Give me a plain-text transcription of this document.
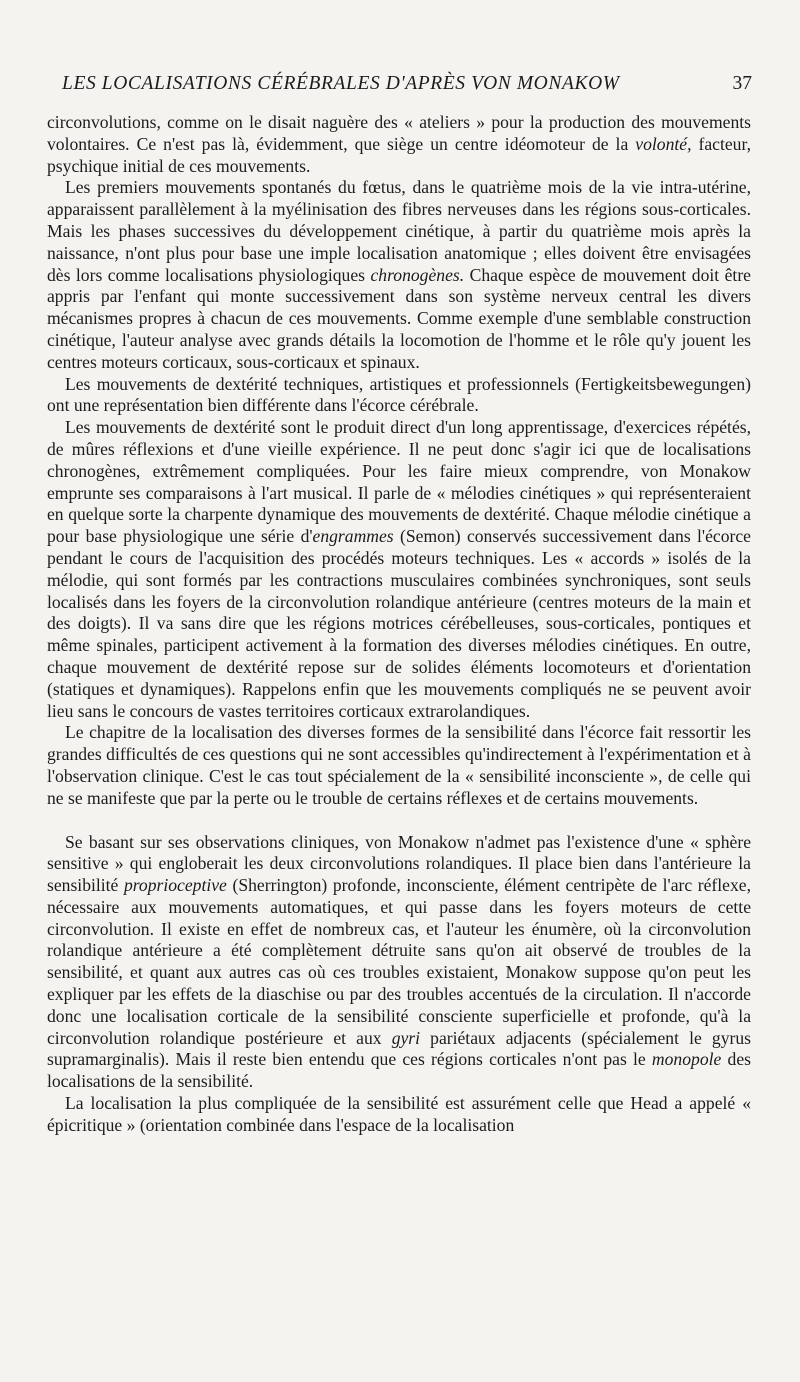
LES LOCALISATIONS CÉRÉBRALES D'APRÈS VON MONAKOW	37

circonvolutions, comme on le disait naguère des « ateliers » pour la production des mouvements volontaires. Ce n'est pas là, évidemment, que siège un centre idéomoteur de la volonté, facteur, psychique initial de ces mouvements.

Les premiers mouvements spontanés du fœtus, dans le quatrième mois de la vie intra-utérine, apparaissent parallèlement à la myélinisation des fibres nerveuses dans les régions sous-corticales. Mais les phases successives du développement cinétique, à partir du quatrième mois après la naissance, n'ont plus pour base une imple localisation anatomique ; elles doivent être envisagées dès lors comme localisations physiologiques chronogènes. Chaque espèce de mouvement doit être appris par l'enfant qui monte successivement dans son système nerveux central les divers mécanismes propres à chacun de ces mouvements. Comme exemple d'une semblable construction cinétique, l'auteur analyse avec grands détails la locomotion de l'homme et le rôle qu'y jouent les centres moteurs corticaux, sous-corticaux et spinaux.

Les mouvements de dextérité techniques, artistiques et professionnels (Fertigkeitsbewegungen) ont une représentation bien différente dans l'écorce cérébrale.

Les mouvements de dextérité sont le produit direct d'un long apprentissage, d'exercices répétés, de mûres réflexions et d'une vieille expérience. Il ne peut donc s'agir ici que de localisations chronogènes, extrêmement compliquées. Pour les faire mieux comprendre, von Monakow emprunte ses comparaisons à l'art musical. Il parle de « mélodies cinétiques » qui représenteraient en quelque sorte la charpente dynamique des mouvements de dextérité. Chaque mélodie cinétique a pour base physiologique une série d'engrammes (Semon) conservés successivement dans l'écorce pendant le cours de l'acquisition des procédés moteurs techniques. Les « accords » isolés de la mélodie, qui sont formés par les contractions musculaires combinées synchroniques, sont seuls localisés dans les foyers de la circonvolution rolandique antérieure (centres moteurs de la main et des doigts). Il va sans dire que les régions motrices cérébelleuses, sous-corticales, pontiques et même spinales, participent activement à la formation des diverses mélodies cinétiques. En outre, chaque mouvement de dextérité repose sur de solides éléments locomoteurs et d'orientation (statiques et dynamiques). Rappelons enfin que les mouvements compliqués ne se peuvent avoir lieu sans le concours de vastes territoires corticaux extrarolandiques.

Le chapitre de la localisation des diverses formes de la sensibilité dans l'écorce fait ressortir les grandes difficultés de ces questions qui ne sont accessibles qu'indirectement à l'expérimentation et à l'observation clinique. C'est le cas tout spécialement de la « sensibilité inconsciente », de celle qui ne se manifeste que par la perte ou le trouble de certains réflexes et de certains mouvements.

Se basant sur ses observations cliniques, von Monakow n'admet pas l'existence d'une « sphère sensitive » qui engloberait les deux circonvolutions rolandiques. Il place bien dans l'antérieure la sensibilité proprioceptive (Sherrington) profonde, inconsciente, élément centripète de l'arc réflexe, nécessaire aux mouvements automatiques, et qui passe dans les foyers moteurs de cette circonvolution. Il existe en effet de nombreux cas, et l'auteur les énumère, où la circonvolution rolandique antérieure a été complètement détruite sans qu'on ait observé de troubles de la sensibilité, et quant aux autres cas où ces troubles existaient, Monakow suppose qu'on peut les expliquer par les effets de la diaschise ou par des troubles accentués de la circulation. Il n'accorde donc une localisation corticale de la sensibilité consciente superficielle et profonde, qu'à la circonvolution rolandique postérieure et aux gyri pariétaux adjacents (spécialement le gyrus supramarginalis). Mais il reste bien entendu que ces régions corticales n'ont pas le monopole des localisations de la sensibilité.

La localisation la plus compliquée de la sensibilité est assurément celle que Head a appelé « épicritique » (orientation combinée dans l'espace de la localisation
